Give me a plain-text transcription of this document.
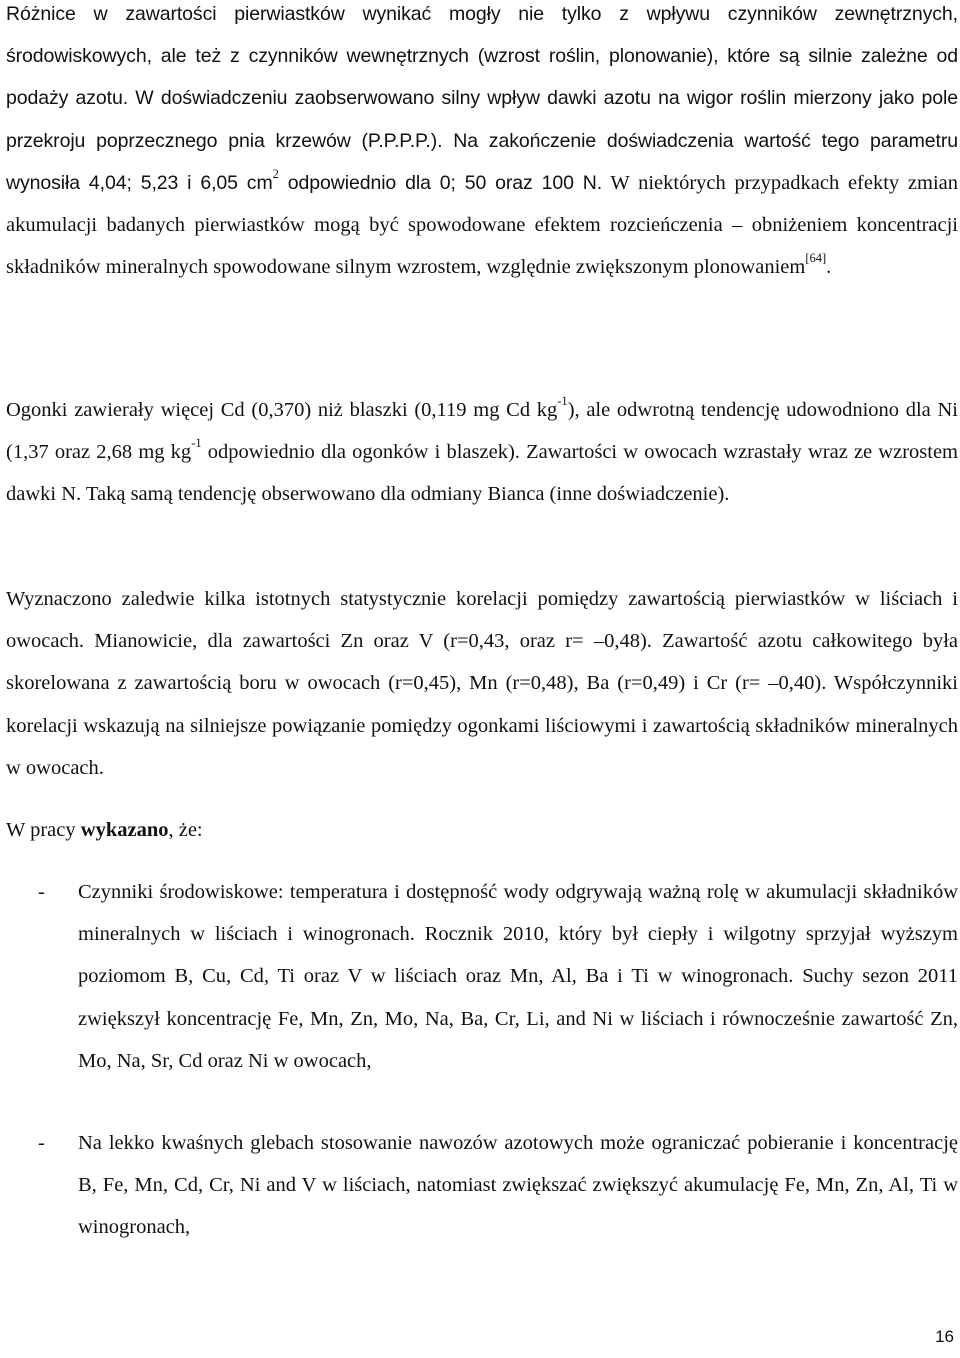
Różnice w zawartości pierwiastków wynikać mogły nie tylko z wpływu czynników zewnętrznych, środowiskowych, ale też z czynników wewnętrznych (wzrost roślin, plonowanie), które są silnie zależne od podaży azotu. W doświadczeniu zaobserwowano silny wpływ dawki azotu na wigor roślin mierzony jako pole przekroju poprzecznego pnia krzewów (P.P.P.P.). Na zakończenie doświadczenia wartość tego parametru wynosiła 4,04; 5,23 i 6,05 $cm^2$ odpowiednio dla 0; 50 oraz 100 N. W niektórych przypadkach efekty zmian akumulacji badanych pierwiastków mogą być spowodowane efektem rozcieńczenia – obniżeniem koncentracji składników mineralnych spowodowane silnym wzrostem, względnie zwiększonym plonowaniem[64].

Ogonki zawierały więcej Cd (0,370) niż blaszki (0,119 mg Cd $kg^{-1}$), ale odwrotną tendencję udowodniono dla Ni (1,37 oraz 2,68 mg $kg^{-1}$ odpowiednio dla ogonków i blaszek). Zawartości w owocach wzrastały wraz ze wzrostem dawki N. Taką samą tendencję obserwowano dla odmiany Bianca (inne doświadczenie).

Wyznaczono zaledwie kilka istotnych statystycznie korelacji pomiędzy zawartością pierwiastków w liściach i owocach. Mianowicie, dla zawartości Zn oraz V (r=0,43, oraz r= –0,48). Zawartość azotu całkowitego była skorelowana z zawartością boru w owocach (r=0,45), Mn (r=0,48), Ba (r=0,49) i Cr (r= –0,40). Współczynniki korelacji wskazują na silniejsze powiązanie pomiędzy ogonkami liściowymi i zawartością składników mineralnych w owocach.

W pracy wykazano, że:

- Czynniki środowiskowe: temperatura i dostępność wody odgrywają ważną rolę w akumulacji składników mineralnych w liściach i winogronach. Rocznik 2010, który był ciepły i wilgotny sprzyjał wyższym poziomom B, Cu, Cd, Ti oraz V w liściach oraz Mn, Al, Ba i Ti w winogronach. Suchy sezon 2011 zwiększył koncentrację Fe, Mn, Zn, Mo, Na, Ba, Cr, Li, and Ni w liściach i równocześnie zawartość Zn, Mo, Na, Sr, Cd oraz Ni w owocach,
- Na lekko kwaśnych glebach stosowanie nawozów azotowych może ograniczać pobieranie i koncentrację B, Fe, Mn, Cd, Cr, Ni and V w liściach, natomiast zwiększać zwiększyć akumulację Fe, Mn, Zn, Al, Ti w winogronach,
16
